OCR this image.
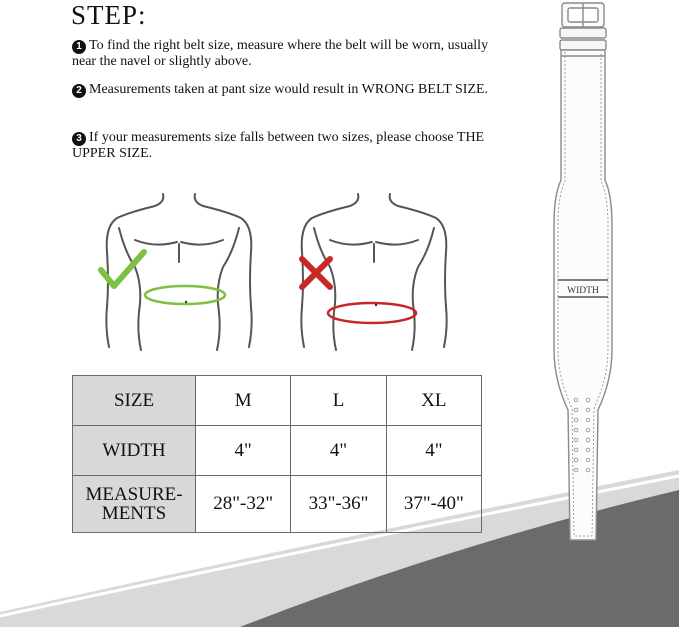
STEP:
1 To find the right belt size, measure where the belt will be worn, usually near the navel or slightly above.
2 Measurements taken at pant size would result in WRONG BELT SIZE.
3 If your measurements size falls between two sizes, please choose THE UPPER SIZE.
SIZE	M	L	XL
WIDTH	4"	4"	4"
MEASURE-
MENTS	28"-32"	33"-36"	37"-40"
WIDTH
